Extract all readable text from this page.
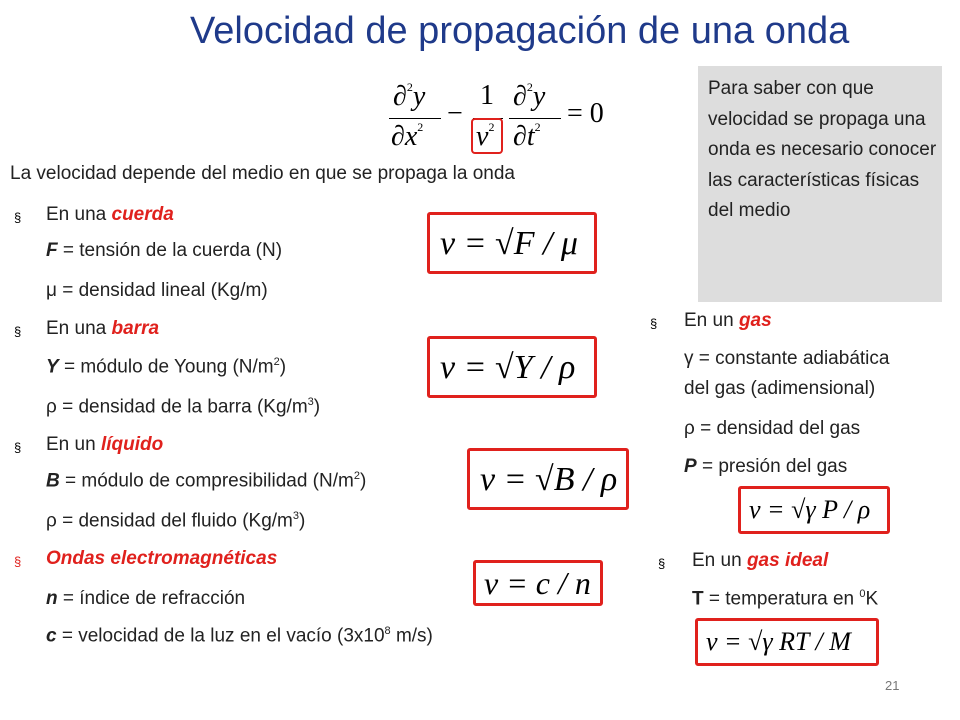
Velocidad de propagación de una onda
∂$^2$y
$\partial x^2$ −
1
$v^2$
∂$^2$y
$\partial t^2 = 0$
Para saber con que velocidad se propaga una onda es necesario conocer las características físicas del medio
La velocidad depende del medio en que se propaga la onda
§ En una cuerda
F = tensión de la cuerda (N)
μ = densidad lineal (Kg/m)
v = √F / μ
§ En una barra
Y = módulo de Young $(N/m^2)$
ρ = densidad de la barra $(Kg/m^3)$
v = √Y / ρ
§ En un líquido
B = módulo de compresibilidad $(N/m^2)$
ρ = densidad del fluido $(Kg/m^3)$
v = √B / ρ
§ Ondas electromagnéticas
n = índice de refracción
c = velocidad de la luz en el vacío ($3x10^8$ m/s)
v = c / n
§ En un gas
γ = constante adiabática
del gas (adimensional)
ρ = densidad del gas
P = presión del gas
v = √γ P / ρ
§ En un gas ideal
T = temperatura en $^0$K
v = √γ RT / M
21
